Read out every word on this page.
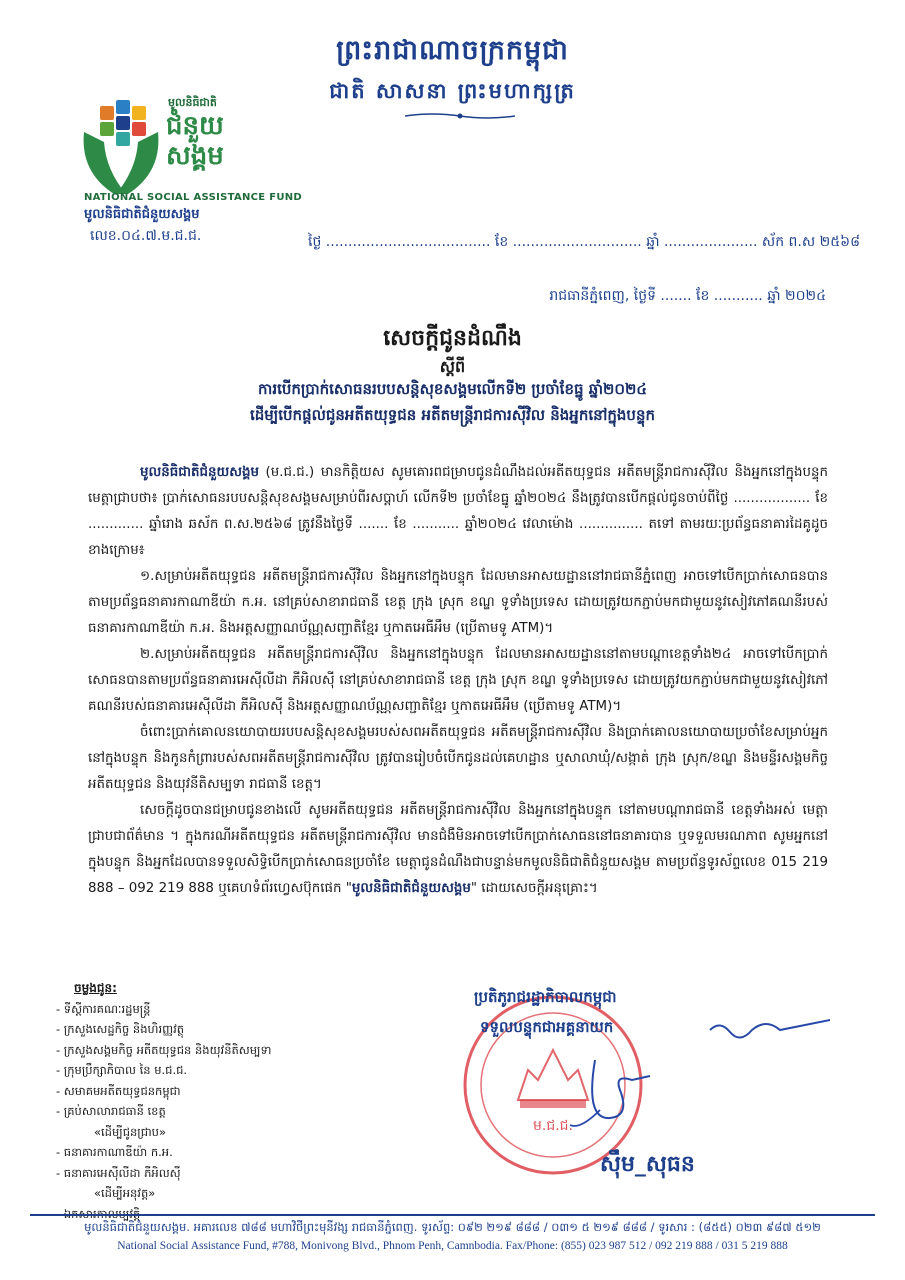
ព្រះរាជាណាចក្រកម្ពុជា
ជាតិ សាសនា ព្រះមហាក្សត្រ
មូលនិធិជាតិ
ជំនួយ
សង្គម
NATIONAL SOCIAL ASSISTANCE FUND
មូលនិធិជាតិជំនួយសង្គម
លេខ.០៤.៧.ម.ជ.ជ.	ថ្ងៃ ..................................... ខែ ............................. ឆ្នាំ ..................... ស័ក ព.ស ២៥៦៨
រាជធានីភ្នំពេញ, ថ្ងៃទី ....... ខែ ........... ឆ្នាំ ២០២៤
សេចក្តីជូនដំណឹង
ស្តីពី
ការបើកប្រាក់សោធនរបបសន្តិសុខសង្គមលើកទី២ ប្រចាំខែធ្នូ ឆ្នាំ២០២៤
ដើម្បីបើកផ្តល់ជូនអតីតយុទ្ធជន អតីតមន្ត្រីរាជការស៊ីវិល និងអ្នកនៅក្នុងបន្ទុក

មូលនិធិជាតិជំនួយសង្គម (ម.ជ.ជ.) មានកិត្តិយស សូមគោរពជម្រាបជូនដំណឹងដល់អតីតយុទ្ធជន អតីតមន្ត្រីរាជការស៊ីវិល និងអ្នកនៅក្នុងបន្ទុក មេត្តាជ្រាបថា៖ ប្រាក់សោធនរបបសន្តិសុខសង្គមសម្រាប់ពីរសប្តាហ៍ លើកទី២ ប្រចាំខែធ្នូ ឆ្នាំ២០២៤ នឹងត្រូវបានបើកផ្តល់ជូនចាប់ពីថ្ងៃ .................. ខែ ............. ឆ្នាំរោង ឆស័ក ព.ស.២៥៦៨ ត្រូវនឹងថ្ងៃទី ....... ខែ ........... ឆ្នាំ២០២៤ វេលាម៉ោង ............... តទៅ តាមរយៈប្រព័ន្ធធនាគារដៃគូដូចខាងក្រោម៖

១.សម្រាប់អតីតយុទ្ធជន អតីតមន្ត្រីរាជការស៊ីវិល និងអ្នកនៅក្នុងបន្ទុក ដែលមានអាសយដ្ឋាននៅរាជធានីភ្នំពេញ អាចទៅបើកប្រាក់សោធនបានតាមប្រព័ន្ធធនាគារកាណាឌីយ៉ា ក.អ. នៅគ្រប់សាខារាជធានី ខេត្ត ក្រុង ស្រុក ខណ្ឌ ទូទាំងប្រទេស ដោយត្រូវយកភ្ជាប់មកជាមួយនូវសៀវភៅគណនីរបស់ធនាគារកាណាឌីយ៉ា ក.អ. និងអត្តសញ្ញាណប័ណ្ណសញ្ជាតិខ្មែរ ឬកាតអេធីអឹម (ប្រើតាមទូ ATM)។

២.សម្រាប់អតីតយុទ្ធជន អតីតមន្ត្រីរាជការស៊ីវិល និងអ្នកនៅក្នុងបន្ទុក ដែលមានអាសយដ្ឋាននៅតាមបណ្តាខេត្តទាំង២៤ អាចទៅបើកប្រាក់សោធនបានតាមប្រព័ន្ធធនាគារអេស៊ីលីដា ភីអិលស៊ី នៅគ្រប់សាខារាជធានី ខេត្ត ក្រុង ស្រុក ខណ្ឌ ទូទាំងប្រទេស ដោយត្រូវយកភ្ជាប់មកជាមួយនូវសៀវភៅគណនីរបស់ធនាគារអេស៊ីលីដា ភីអិលស៊ី និងអត្តសញ្ញាណប័ណ្ណសញ្ជាតិខ្មែរ ឬកាតអេធីអឹម (ប្រើតាមទូ ATM)។

ចំពោះប្រាក់គោលនយោបាយរបបសន្តិសុខសង្គមរបស់សពអតីតយុទ្ធជន អតីតមន្ត្រីរាជការស៊ីវិល និងប្រាក់គោលនយោបាយប្រចាំខែសម្រាប់អ្នកនៅក្នុងបន្ទុក និងកូនកំព្រារបស់សពអតីតមន្ត្រីរាជការស៊ីវិល ត្រូវបានរៀបចំបើកជូនដល់គេហដ្ឋាន ឬសាលាឃុំ/សង្កាត់ ក្រុង ស្រុក/ខណ្ឌ និងមន្ទីរសង្គមកិច្ច អតីតយុទ្ធជន និងយុវនីតិសម្បទា រាជធានី ខេត្ត។

សេចក្តីដូចបានជម្រាបជូនខាងលើ សូមអតីតយុទ្ធជន អតីតមន្ត្រីរាជការស៊ីវិល និងអ្នកនៅក្នុងបន្ទុក នៅតាមបណ្តារាជធានី ខេត្តទាំងអស់ មេត្តាជ្រាបជាព័ត៌មាន ។ ក្នុងករណីអតីតយុទ្ធជន អតីតមន្ត្រីរាជការស៊ីវិល មានជំងឺមិនអាចទៅបើកប្រាក់សោធននៅធនាគារបាន ឬទទួលមរណភាព សូមអ្នកនៅក្នុងបន្ទុក និងអ្នកដែលបានទទួលសិទ្ធិបើកប្រាក់សោធនប្រចាំខែ មេត្តាជូនដំណឹងជាបន្ទាន់មកមូលនិធិជាតិជំនួយសង្គម តាមប្រព័ន្ធទូរស័ព្ទលេខ 015 219 888 – 092 219 888 ឬគេហទំព័រហ្វេសប៊ុកផេក "មូលនិធិជាតិជំនួយសង្គម" ដោយសេចក្តីអនុគ្រោះ។

ចម្លងជូន:
- ទីស្តីការគណៈរដ្ឋមន្ត្រី
- ក្រសួងសេដ្ឋកិច្ច និងហិរញ្ញវត្ថុ
- ក្រសួងសង្គមកិច្ច អតីតយុទ្ធជន និងយុវនីតិសម្បទា
- ក្រុមប្រឹក្សាភិបាល នៃ ម.ជ.ជ.
- សមាគមអតីតយុទ្ធជនកម្ពុជា
- គ្រប់សាលារាជធានី ខេត្ត
«ដើម្បីជូនជ្រាប»
- ធនាគារកាណាឌីយ៉ា ក.អ.
- ធនាគារអេស៊ីលីដា ភីអិលស៊ី
«ដើម្បីអនុវត្ត»
ម.ជ.ជ.
ប្រតិភូរាជរដ្ឋាភិបាលកម្ពុជា
ទទួលបន្ទុកជាអគ្គនាយក
ស៊ឹម_សុធន
មូលនិធិជាតិជំនួយសង្គម. អគារលេខ ៧៨៨ មហាវិថីព្រះមុនីវង្ស រាជធានីភ្នំពេញ. ទូរស័ព្ទ: ០៩២ ២១៩ ៨៨៨ / ០៣១ ៥ ២១៩ ៨៨៨ / ទូរសារ : (៨៥៥) ០២៣ ៩៨៧ ៥១២
National Social Assistance Fund, #788, Monivong Blvd., Phnom Penh, Camnbodia. Fax/Phone: (855) 023 987 512 / 092 219 888 / 031 5 219 888
